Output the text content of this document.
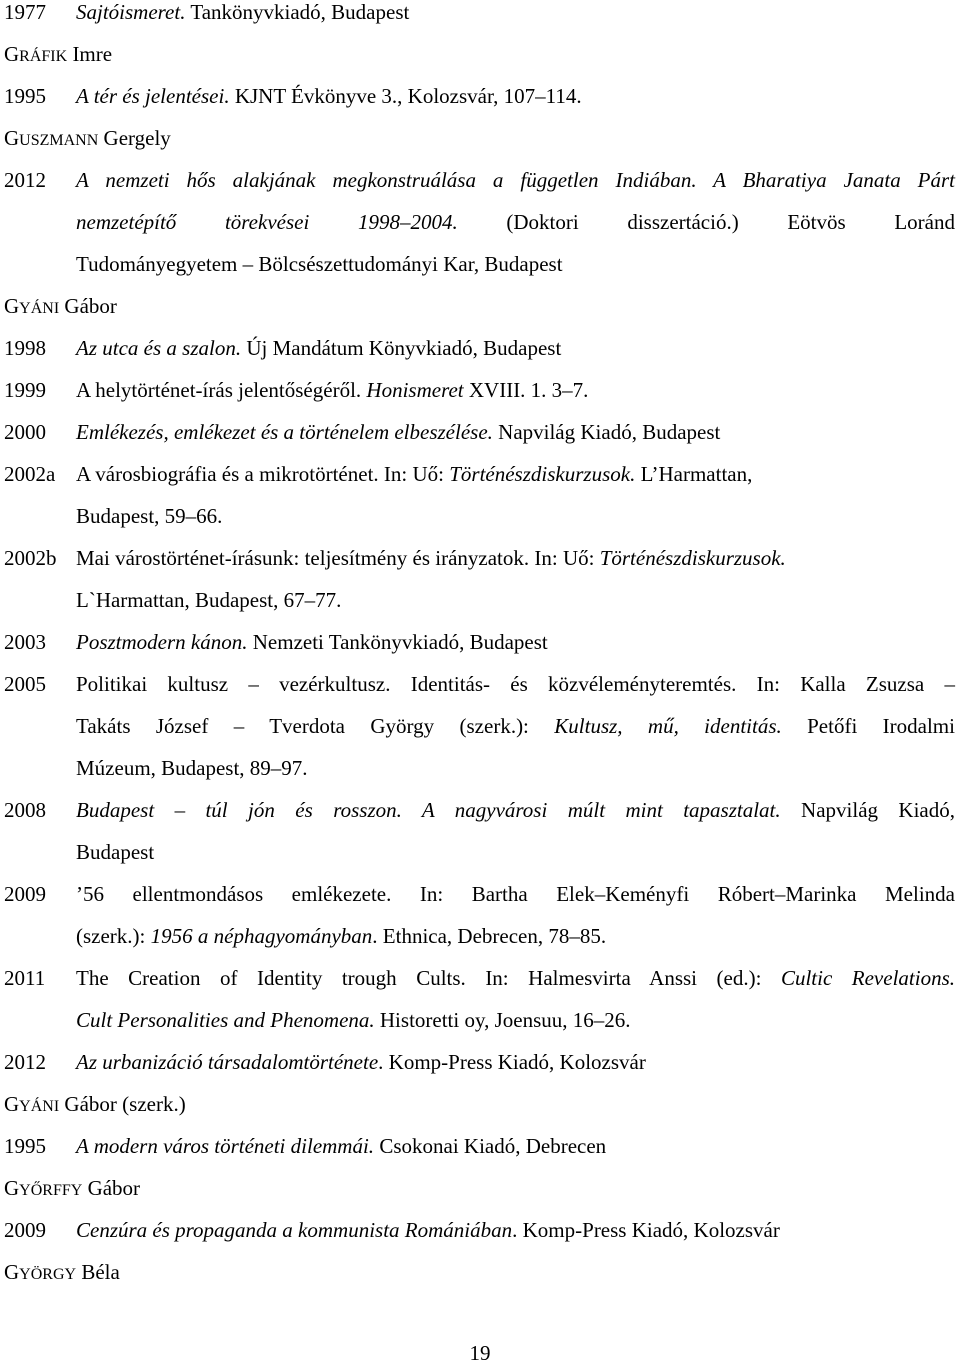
1977 Sajtóismeret. Tankönyvkiadó, Budapest
GRÁFIK Imre
1995 A tér és jelentései. KJNT Évkönyve 3., Kolozsvár, 107–114.
GUSZMANN Gergely
2012 A nemzeti hős alakjának megkonstruálása a független Indiában. A Bharatiya Janata Párt
nemzetépítő törekvései 1998–2004. (Doktori disszertáció.) Eötvös Loránd
Tudományegyetem – Bölcsészettudományi Kar, Budapest
GYÁNI Gábor
1998 Az utca és a szalon. Új Mandátum Könyvkiadó, Budapest
1999 A helytörténet-írás jelentőségéről. Honismeret XVIII. 1. 3–7.
2000 Emlékezés, emlékezet és a történelem elbeszélése. Napvilág Kiadó, Budapest
2002a A városbiográfia és a mikrotörténet. In: Uő: Történészdiskurzusok. L’Harmattan,
Budapest, 59–66.
2002b Mai várostörténet-írásunk: teljesítmény és irányzatok. In: Uő: Történészdiskurzusok.
L`Harmattan, Budapest, 67–77.
2003 Posztmodern kánon. Nemzeti Tankönyvkiadó, Budapest
2005 Politikai kultusz – vezérkultusz. Identitás- és közvéleményteremtés. In: Kalla Zsuzsa –
Takáts József – Tverdota György (szerk.): Kultusz, mű, identitás. Petőfi Irodalmi
Múzeum, Budapest, 89–97.
2008 Budapest – túl jón és rosszon. A nagyvárosi múlt mint tapasztalat. Napvilág Kiadó,
Budapest
2009 ’56 ellentmondásos emlékezete. In: Bartha Elek–Keményfi Róbert–Marinka Melinda
(szerk.): 1956 a néphagyományban. Ethnica, Debrecen, 78–85.
2011 The Creation of Identity trough Cults. In: Halmesvirta Anssi (ed.): Cultic Revelations.
Cult Personalities and Phenomena. Historetti oy, Joensuu, 16–26.
2012 Az urbanizáció társadalomtörténete. Komp-Press Kiadó, Kolozsvár
GYÁNI Gábor (szerk.)
1995 A modern város történeti dilemmái. Csokonai Kiadó, Debrecen
GYŐRFFY Gábor
2009 Cenzúra és propaganda a kommunista Romániában. Komp-Press Kiadó, Kolozsvár
GYÖRGY Béla
19
